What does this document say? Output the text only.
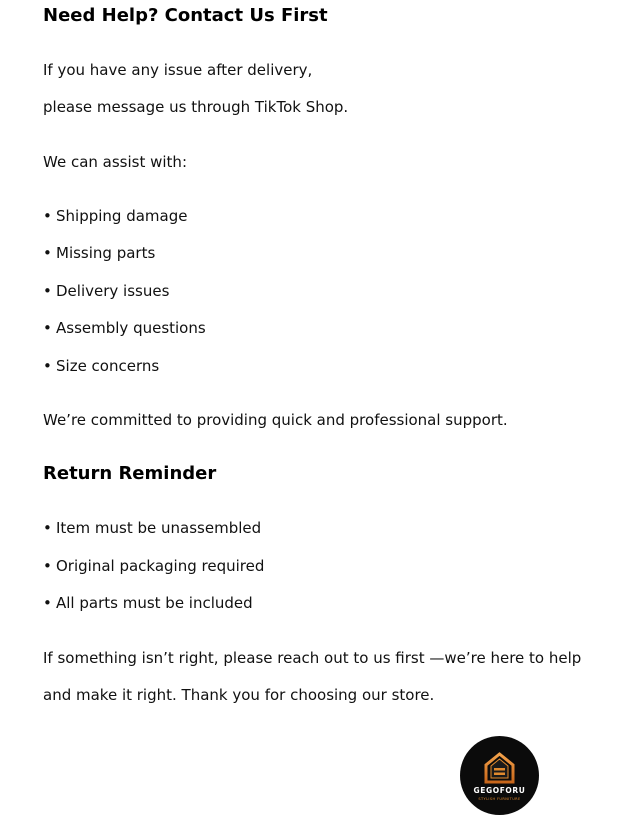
Need Help? Contact Us First
If you have any issue after delivery,
please message us through TikTok Shop.
We can assist with:
• Shipping damage
• Missing parts
• Delivery issues
• Assembly questions
• Size concerns
We’re committed to providing quick and professional support.
Return Reminder
• Item must be unassembled
• Original packaging required
• All parts must be included
If something isn’t right, please reach out to us first —we’re here to help
and make it right. Thank you for choosing our store.
GEGOFORU
STYLISH FURNITURE
